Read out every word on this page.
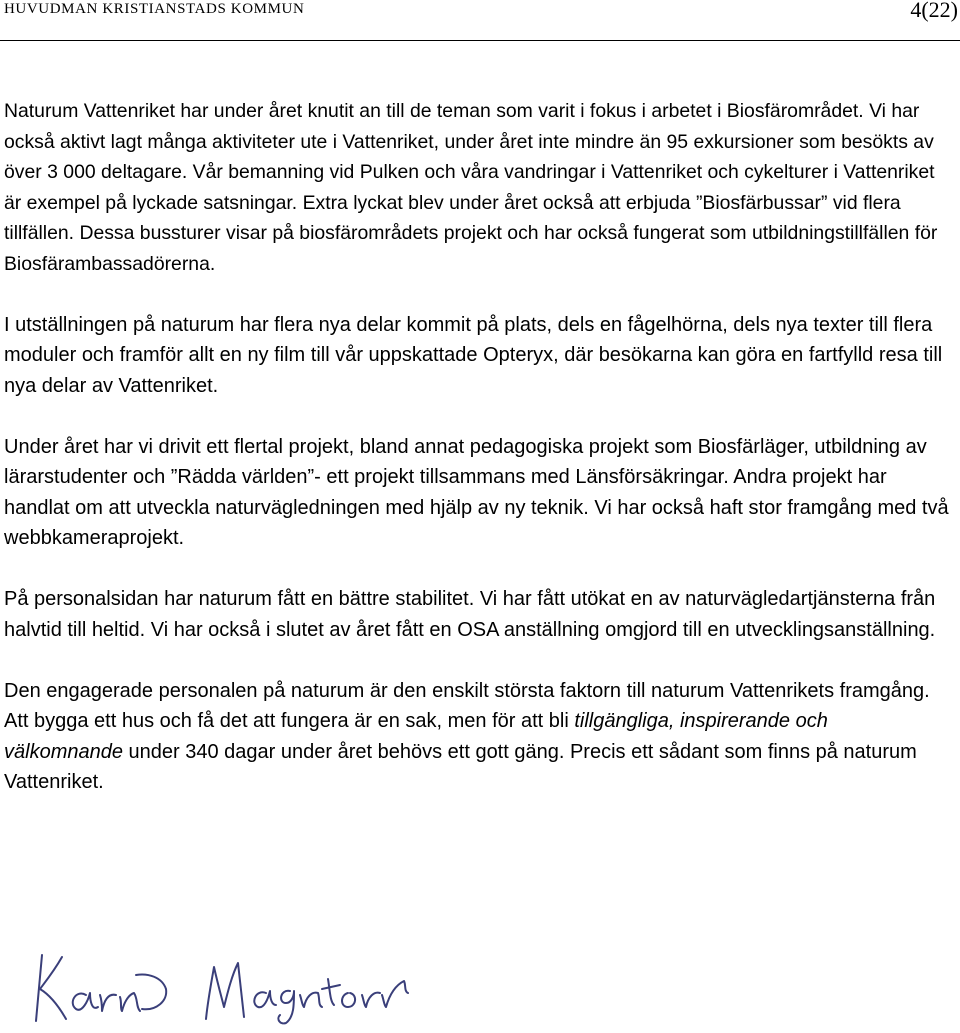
HUVUDMAN KRISTIANSTADS KOMMUN	4(22)

Naturum Vattenriket har under året knutit an till de teman som varit i fokus i arbetet i Biosfärområdet. Vi har också aktivt lagt många aktiviteter ute i Vattenriket, under året inte mindre än 95 exkursioner som besökts av över 3 000 deltagare. Vår bemanning vid Pulken och våra vandringar i Vattenriket och cykelturer i Vattenriket är exempel på lyckade satsningar. Extra lyckat blev under året också att erbjuda ”Biosfärbussar” vid flera tillfällen. Dessa bussturer visar på biosfärområdets projekt och har också fungerat som utbildningstillfällen för Biosfärambassadörerna.

I utställningen på naturum har flera nya delar kommit på plats, dels en fågelhörna, dels nya texter till flera moduler och framför allt en ny film till vår uppskattade Opteryx, där besökarna kan göra en fartfylld resa till nya delar av Vattenriket.

Under året har vi drivit ett flertal projekt, bland annat pedagogiska projekt som Biosfärläger, utbildning av lärarstudenter och ”Rädda världen”- ett projekt tillsammans med Länsförsäkringar. Andra projekt har handlat om att utveckla naturvägledningen med hjälp av ny teknik. Vi har också haft stor framgång med två webbkameraprojekt.

På personalsidan har naturum fått en bättre stabilitet. Vi har fått utökat en av naturvägledartjänsterna från halvtid till heltid. Vi har också i slutet av året fått en OSA anställning omgjord till en utvecklingsanställning.

Den engagerade personalen på naturum är den enskilt största faktorn till naturum Vattenrikets framgång. Att bygga ett hus och få det att fungera är en sak, men för att bli tillgängliga, inspirerande och välkomnande under 340 dagar under året behövs ett gott gäng. Precis ett sådant som finns på naturum Vattenriket.
